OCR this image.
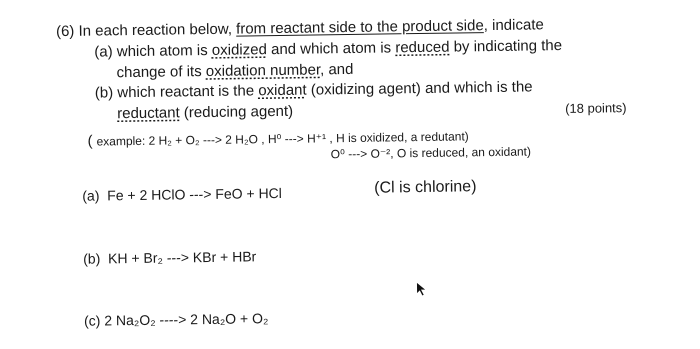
(6) In each reaction below, from reactant side to the product side, indicate
(a) which atom is oxidized and which atom is reduced by indicating the
change of its oxidation number, and
(b) which reactant is the oxidant (oxidizing agent) and which is the
reductant (reducing agent)	(18 points)
( example: 2 H₂ + O₂ ---> 2 H₂O , H⁰ ---> H⁺¹ , H is oxidized, a redutant)
O⁰ ---> O⁻², O is reduced, an oxidant)
(a) Fe + 2 HClO ---> FeO + HCl	(Cl is chlorine)
(b) KH + Br₂ ---> KBr + HBr
(c) 2 Na₂O₂ ----> 2 Na₂O + O₂
